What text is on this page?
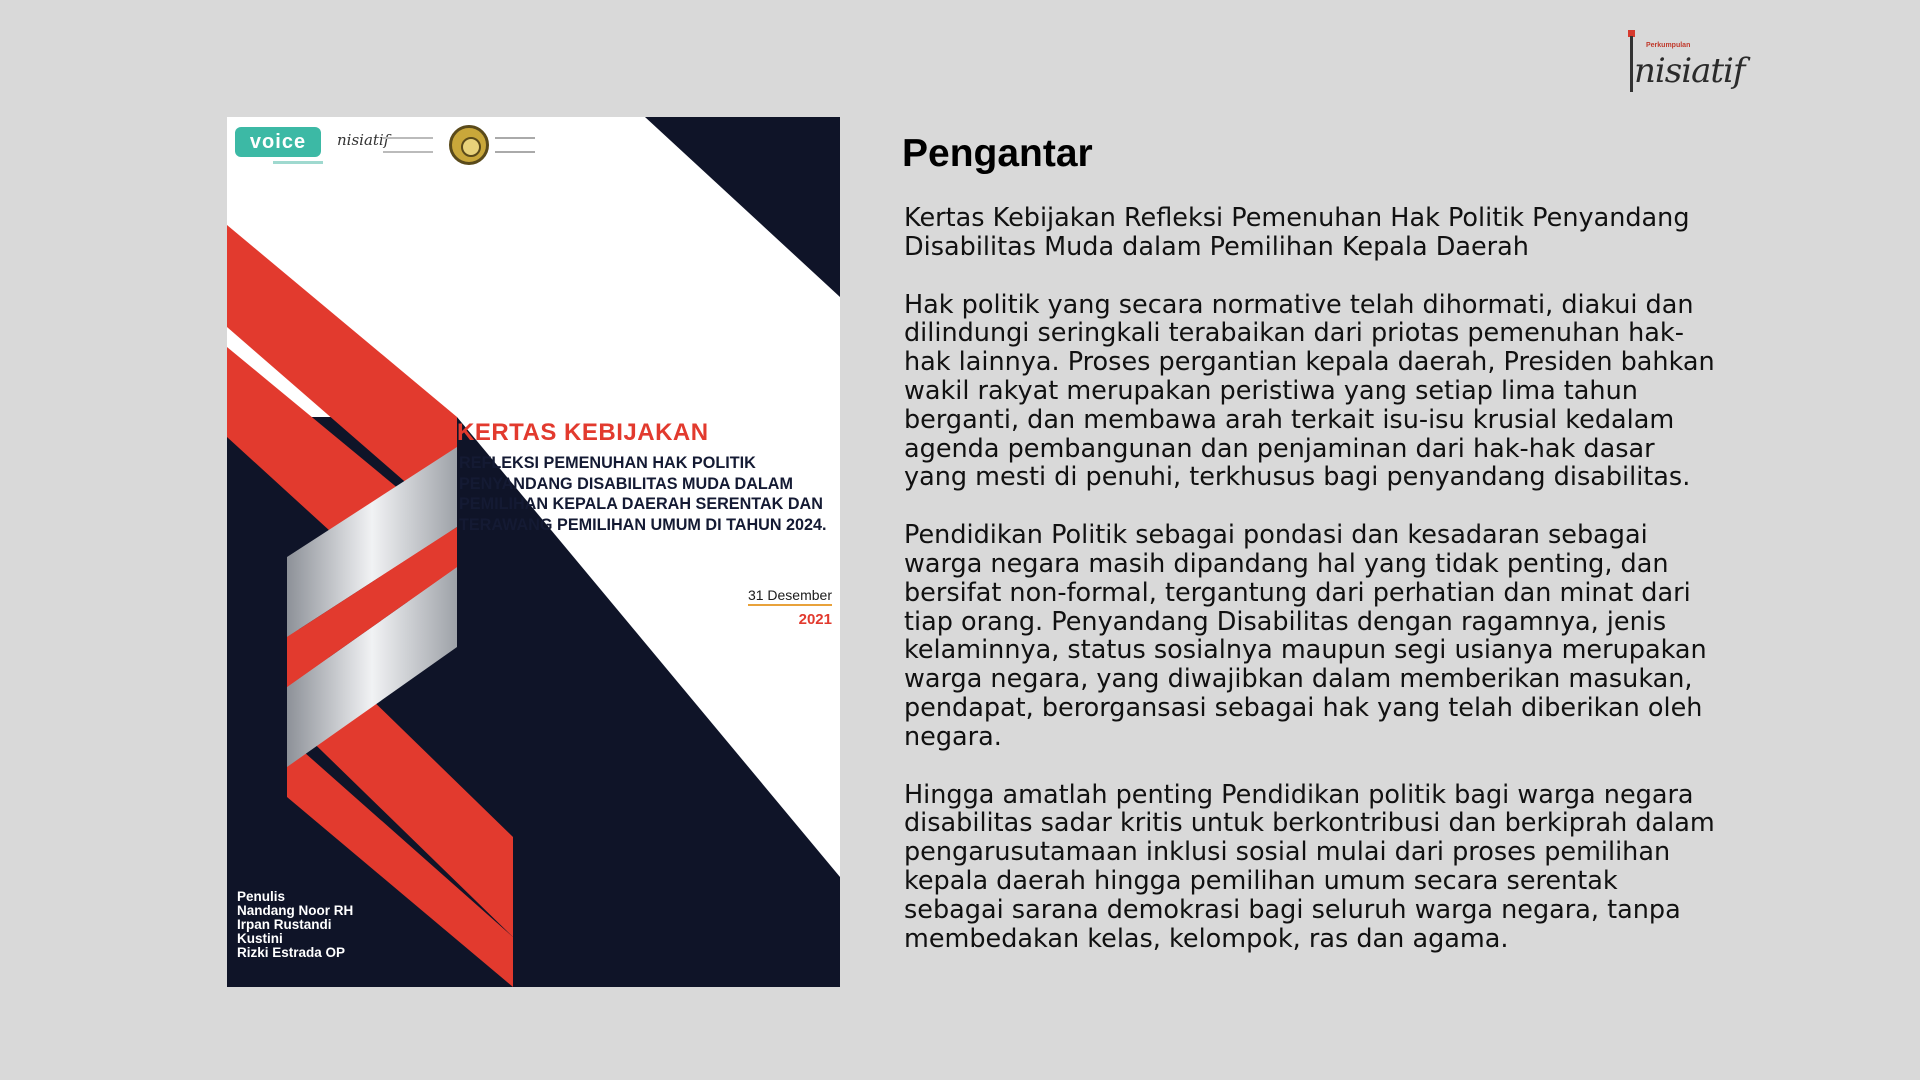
Perkumpulan
nisiatif
voice	nisiatif
KERTAS KEBIJAKAN

REFLEKSI PEMENUHAN HAK POLITIK PENYANDANG DISABILITAS MUDA DALAM PEMILIHAN KEPALA DAERAH SERENTAK DAN TERAWANG PEMILIHAN UMUM DI TAHUN 2024.

31 Desember
2021
Penulis
Nandang Noor RH
Irpan Rustandi
Kustini
Rizki Estrada OP
Pengantar

Kertas Kebijakan Refleksi Pemenuhan Hak Politik Penyandang Disabilitas Muda dalam Pemilihan Kepala Daerah

Hak politik yang secara normative telah dihormati, diakui dan dilindungi seringkali terabaikan dari priotas pemenuhan hak-hak lainnya. Proses pergantian kepala daerah, Presiden bahkan wakil rakyat merupakan peristiwa yang setiap lima tahun berganti, dan membawa arah terkait isu-isu krusial kedalam agenda pembangunan dan penjaminan dari hak-hak dasar yang mesti di penuhi, terkhusus bagi penyandang disabilitas.

Pendidikan Politik sebagai pondasi dan kesadaran sebagai warga negara masih dipandang hal yang tidak penting, dan bersifat non-formal, tergantung dari perhatian dan minat dari tiap orang. Penyandang Disabilitas dengan ragamnya, jenis kelaminnya, status sosialnya maupun segi usianya merupakan warga negara, yang diwajibkan dalam memberikan masukan, pendapat, berorgansasi sebagai hak yang telah diberikan oleh negara.

Hingga amatlah penting Pendidikan politik bagi warga negara disabilitas sadar kritis untuk berkontribusi dan berkiprah dalam pengarusutamaan inklusi sosial mulai dari proses pemilihan kepala daerah hingga pemilihan umum secara serentak sebagai sarana demokrasi bagi seluruh warga negara, tanpa membedakan kelas, kelompok, ras dan agama.
